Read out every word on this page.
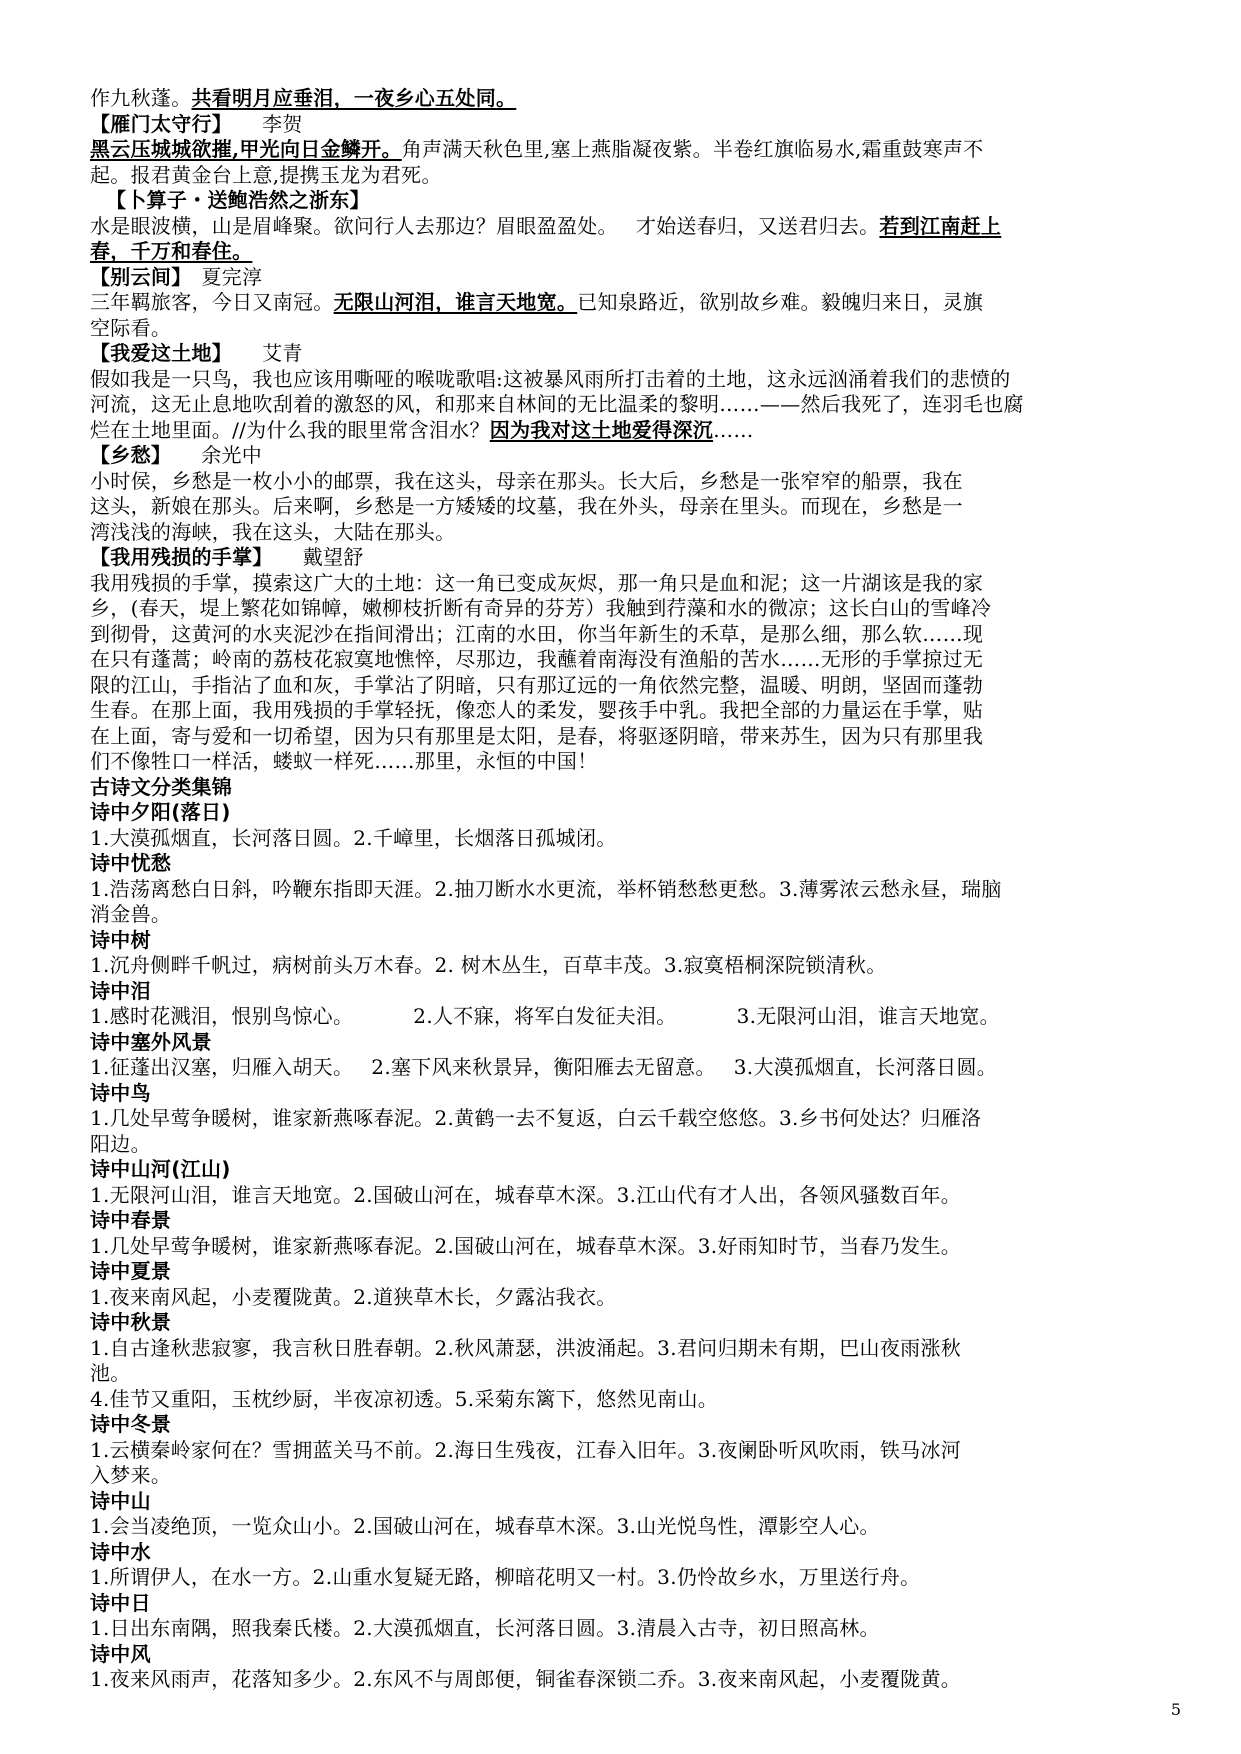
作九秋蓬。共看明月应垂泪，一夜乡心五处同。
【雁门太守行】 李贺
黑云压城城欲摧,甲光向日金鳞开。角声满天秋色里,塞上燕脂凝夜紫。半卷红旗临易水,霜重鼓寒声不
起。报君黄金台上意,提携玉龙为君死。
【卜算子・送鲍浩然之浙东】
水是眼波横，山是眉峰聚。欲问行人去那边？眉眼盈盈处。 才始送春归，又送君归去。若到江南赶上
春，千万和春住。
【别云间】 夏完淳
三年羁旅客，今日又南冠。无限山河泪，谁言天地宽。已知泉路近，欲别故乡难。毅魄归来日，灵旗
空际看。
【我爱这土地】 艾青
假如我是一只鸟，我也应该用嘶哑的喉咙歌唱:这被暴风雨所打击着的土地，这永远汹涌着我们的悲愤的
河流，这无止息地吹刮着的激怒的风，和那来自林间的无比温柔的黎明……——然后我死了，连羽毛也腐
烂在土地里面。//为什么我的眼里常含泪水？因为我对这土地爱得深沉……
【乡愁】 余光中
小时侯，乡愁是一枚小小的邮票，我在这头，母亲在那头。长大后，乡愁是一张窄窄的船票，我在
这头，新娘在那头。后来啊，乡愁是一方矮矮的坟墓，我在外头，母亲在里头。而现在，乡愁是一
湾浅浅的海峡，我在这头，大陆在那头。
【我用残损的手掌】 戴望舒
我用残损的手掌，摸索这广大的土地：这一角已变成灰烬，那一角只是血和泥；这一片湖该是我的家
乡，(春天，堤上繁花如锦幛，嫩柳枝折断有奇异的芬芳）我触到荇藻和水的微凉；这长白山的雪峰冷
到彻骨，这黄河的水夹泥沙在指间滑出；江南的水田，你当年新生的禾草，是那么细，那么软……现
在只有蓬蒿；岭南的荔枝花寂寞地憔悴，尽那边，我蘸着南海没有渔船的苦水……无形的手掌掠过无
限的江山，手指沾了血和灰，手掌沾了阴暗，只有那辽远的一角依然完整，温暖、明朗，坚固而蓬勃
生春。在那上面，我用残损的手掌轻抚，像恋人的柔发，婴孩手中乳。我把全部的力量运在手掌，贴
在上面，寄与爱和一切希望，因为只有那里是太阳，是春，将驱逐阴暗，带来苏生，因为只有那里我
们不像牲口一样活，蝼蚁一样死……那里，永恒的中国！
古诗文分类集锦
诗中夕阳(落日)
1.大漠孤烟直，长河落日圆。2.千嶂里，长烟落日孤城闭。
诗中忧愁
1.浩荡离愁白日斜，吟鞭东指即天涯。2.抽刀断水水更流，举杯销愁愁更愁。3.薄雾浓云愁永昼，瑞脑
消金兽。
诗中树
1.沉舟侧畔千帆过，病树前头万木春。2. 树木丛生，百草丰茂。3.寂寞梧桐深院锁清秋。
诗中泪
1.感时花溅泪，恨别鸟惊心。	2.人不寐，将军白发征夫泪。	3.无限河山泪，谁言天地宽。
诗中塞外风景
1.征蓬出汉塞，归雁入胡天。 2.塞下风来秋景异，衡阳雁去无留意。 3.大漠孤烟直，长河落日圆。
诗中鸟
1.几处早莺争暖树，谁家新燕啄春泥。2.黄鹤一去不复返，白云千载空悠悠。3.乡书何处达？归雁洛
阳边。
诗中山河(江山)
1.无限河山泪，谁言天地宽。2.国破山河在，城春草木深。3.江山代有才人出，各领风骚数百年。
诗中春景
1.几处早莺争暖树，谁家新燕啄春泥。2.国破山河在，城春草木深。3.好雨知时节，当春乃发生。
诗中夏景
1.夜来南风起，小麦覆陇黄。2.道狭草木长，夕露沾我衣。
诗中秋景
1.自古逢秋悲寂寥，我言秋日胜春朝。2.秋风萧瑟，洪波涌起。3.君问归期未有期，巴山夜雨涨秋
池。
4.佳节又重阳，玉枕纱厨，半夜凉初透。5.采菊东篱下，悠然见南山。
诗中冬景
1.云横秦岭家何在？雪拥蓝关马不前。2.海日生残夜，江春入旧年。3.夜阑卧听风吹雨，铁马冰河
入梦来。
诗中山
1.会当凌绝顶，一览众山小。2.国破山河在，城春草木深。3.山光悦鸟性，潭影空人心。
诗中水
1.所谓伊人，在水一方。2.山重水复疑无路，柳暗花明又一村。3.仍怜故乡水，万里送行舟。
诗中日
1.日出东南隅，照我秦氏楼。2.大漠孤烟直，长河落日圆。3.清晨入古寺，初日照高林。
诗中风
1.夜来风雨声，花落知多少。2.东风不与周郎便，铜雀春深锁二乔。3.夜来南风起，小麦覆陇黄。
5
